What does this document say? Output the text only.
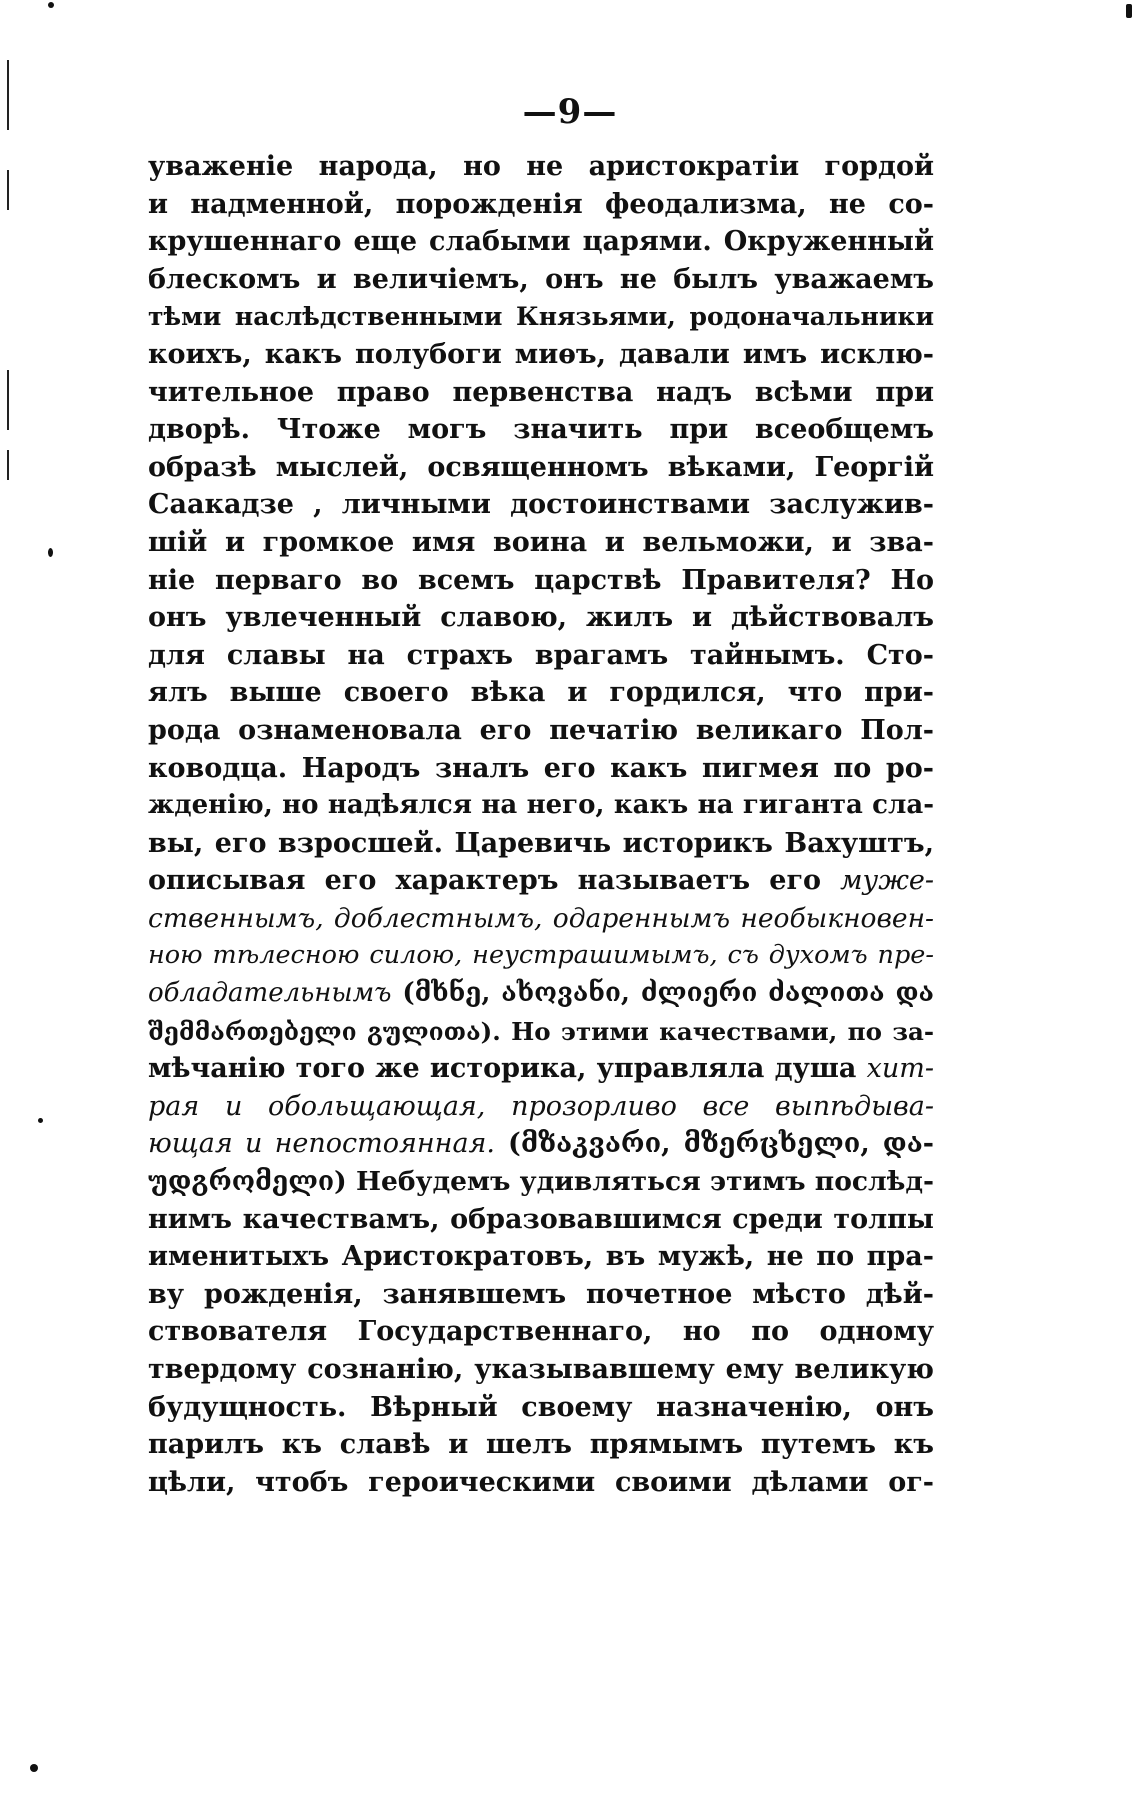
—9—
уваженіе народа, но не аристократіи гордой
и надменной, порожденія феодализма, не со-
крушеннаго еще слабыми царями. Окруженный
блескомъ и величіемъ, онъ не былъ уважаемъ
тѣми наслѣдственными Князьями, родоначальники
коихъ, какъ полубоги миѳъ, давали имъ исклю-
чительное право первенства надъ всѣми при
дворѣ. Чтоже могъ значить при всеобщемъ
образѣ мыслей, освященномъ вѣками, Георгій
Саакадзе , личными достоинствами заслужив-
шій и громкое имя воина и вельможи, и зва-
ніе перваго во всемъ царствѣ Правителя? Но
онъ увлеченный славою, жилъ и дѣйствовалъ
для славы на страхъ врагамъ тайнымъ. Сто-
ялъ выше своего вѣка и гордился, что при-
рода ознаменовала его печатію великаго Пол-
ководца. Народъ зналъ его какъ пигмея по ро-
жденію, но надѣялся на него, какъ на гиганта сла-
вы, его взросшей. Царевичь историкъ Вахуштъ,
описывая его характеръ называетъ его муже-
ственнымъ, доблестнымъ, одареннымъ необыкновен-
ною тѣлесною силою, неустрашимымъ, съ духомъ пре-
обладательнымъ (მხნე, ახოვანი, ძლიერი ძალითა და
შემმართებელი გულითა). Но этими качествами, по за-
мѣчанію того же историка, управляла душа хит-
рая и обольщающая, прозорливо все выпѣдыва-
ющая и непостоянная. (მზაკვარი, მზერცხელი, და-
უდგრომელი) Небудемъ удивляться этимъ послѣд-
нимъ качествамъ, образовавшимся среди толпы
именитыхъ Аристократовъ, въ мужѣ, не по пра-
ву рожденія, занявшемъ почетное мѣсто дѣй-
ствователя Государственнаго, но по одному
твердому сознанію, указывавшему ему великую
будущность. Вѣрный своему назначенію, онъ
парилъ къ славѣ и шелъ прямымъ путемъ къ
цѣли, чтобъ героическими своими дѣлами ог-
